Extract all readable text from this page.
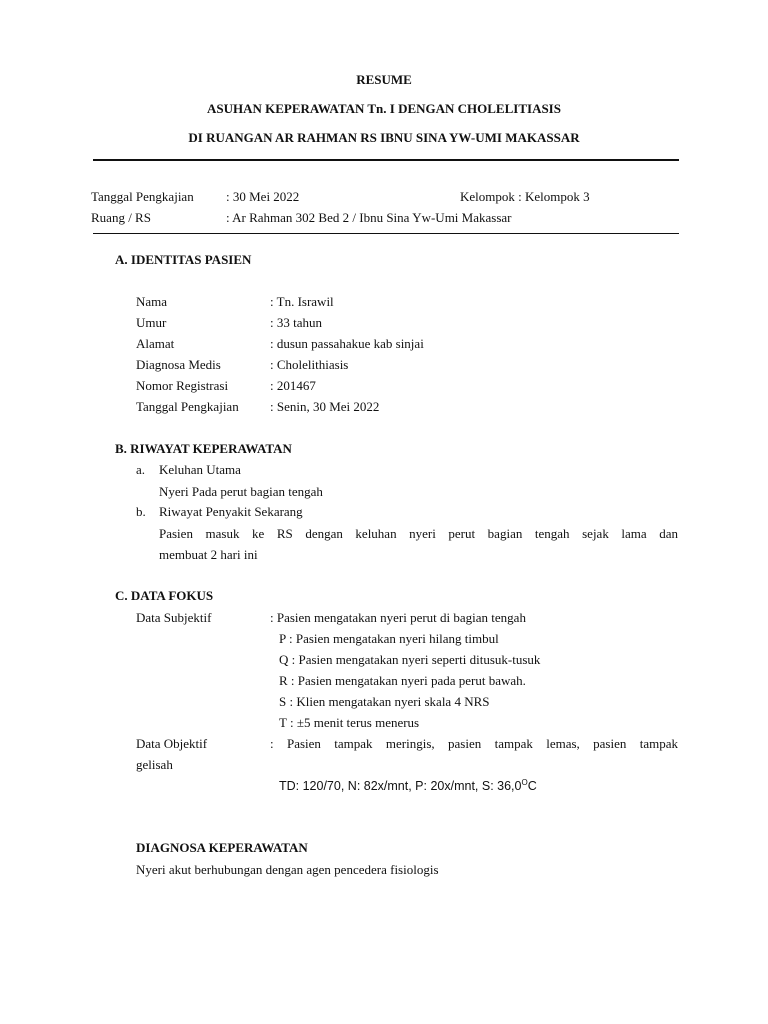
RESUME
ASUHAN KEPERAWATAN Tn. I DENGAN CHOLELITIASIS
DI RUANGAN AR RAHMAN RS IBNU SINA YW-UMI MAKASSAR
Tanggal Pengkajian : 30 Mei 2022	Kelompok : Kelompok 3
Ruang / RS	: Ar Rahman 302 Bed 2 / Ibnu Sina Yw-Umi Makassar
A. IDENTITAS PASIEN
Nama	: Tn. Israwil
Umur	: 33 tahun
Alamat	: dusun passahakue kab sinjai
Diagnosa Medis	: Cholelithiasis
Nomor Registrasi	: 201467
Tanggal Pengkajian : Senin, 30 Mei 2022
B. RIWAYAT KEPERAWATAN
a. Keluhan Utama
Nyeri Pada perut bagian tengah
b. Riwayat Penyakit Sekarang
Pasien masuk ke RS dengan keluhan nyeri perut bagian tengah sejak lama dan
membuat 2 hari ini
C. DATA FOKUS
Data Subjektif	: Pasien mengatakan nyeri perut di bagian tengah
P : Pasien mengatakan nyeri hilang timbul
Q : Pasien mengatakan nyeri seperti ditusuk-tusuk
R : Pasien mengatakan nyeri pada perut bawah.
S : Klien mengatakan nyeri skala 4 NRS
T : ±5 menit terus menerus
Data Objektif	: Pasien tampak meringis, pasien tampak lemas, pasien tampak
gelisah
TD: 120/70, N: 82x/mnt, P: 20x/mnt, S: $36,0^OC$
DIAGNOSA KEPERAWATAN
Nyeri akut berhubungan dengan agen pencedera fisiologis
